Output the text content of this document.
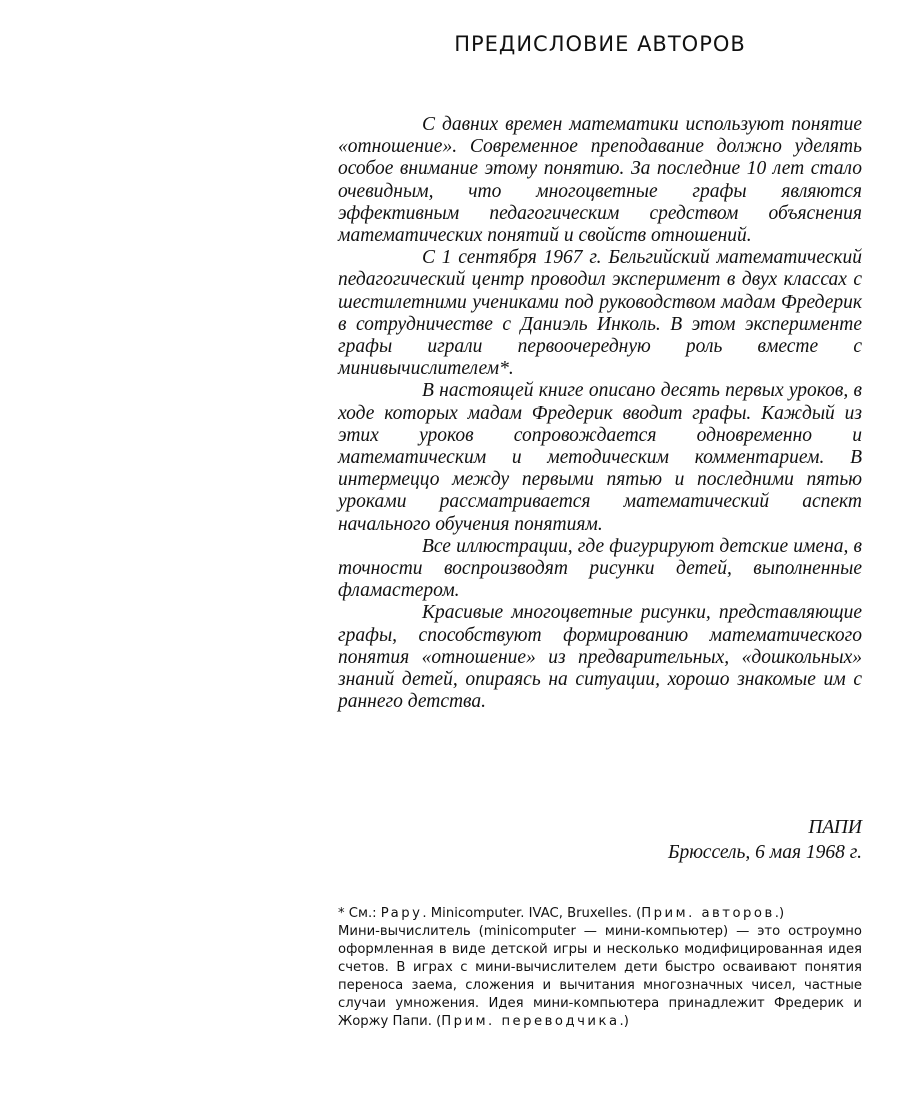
ПРЕДИСЛОВИЕ АВТОРОВ

С давних времен математики используют понятие «отношение». Современное преподавание должно уделять особое внимание этому понятию. За последние 10 лет стало очевидным, что многоцветные графы являются эффективным педагогическим средством объяснения математических понятий и свойств отношений.

С 1 сентября 1967 г. Бельгийский математический педагогический центр проводил эксперимент в двух классах с шестилетними учениками под руководством мадам Фредерик в сотрудничестве с Даниэль Инколь. В этом эксперименте графы играли первоочередную роль вместе с минивычислителем*.

В настоящей книге описано десять первых уроков, в ходе которых мадам Фредерик вводит графы. Каждый из этих уроков сопровождается одновременно и математическим и методическим комментарием. В интермеццо между первыми пятью и последними пятью уроками рассматривается математический аспект начального обучения понятиям.

Все иллюстрации, где фигурируют детские имена, в точности воспроизводят рисунки детей, выполненные фламастером.

Красивые многоцветные рисунки, представляющие графы, способствуют формированию математического понятия «отношение» из предварительных, «дошкольных» знаний детей, опираясь на ситуации, хорошо знакомые им с раннего детства.

ПАПИ
Брюссель, 6 мая 1968 г.

* См.: Papy. Minicomputer. IVAC, Bruxelles. (Прим. авторов.)

Мини-вычислитель (minicomputer — мини-компьютер) — это остроумно оформленная в виде детской игры и несколько модифицированная идея счетов. В играх с мини-вычислителем дети быстро осваивают понятия переноса заема, сложения и вычитания многозначных чисел, частные случаи умножения. Идея мини-компьютера принадлежит Фредерик и Жоржу Папи. (Прим. переводчика.)
